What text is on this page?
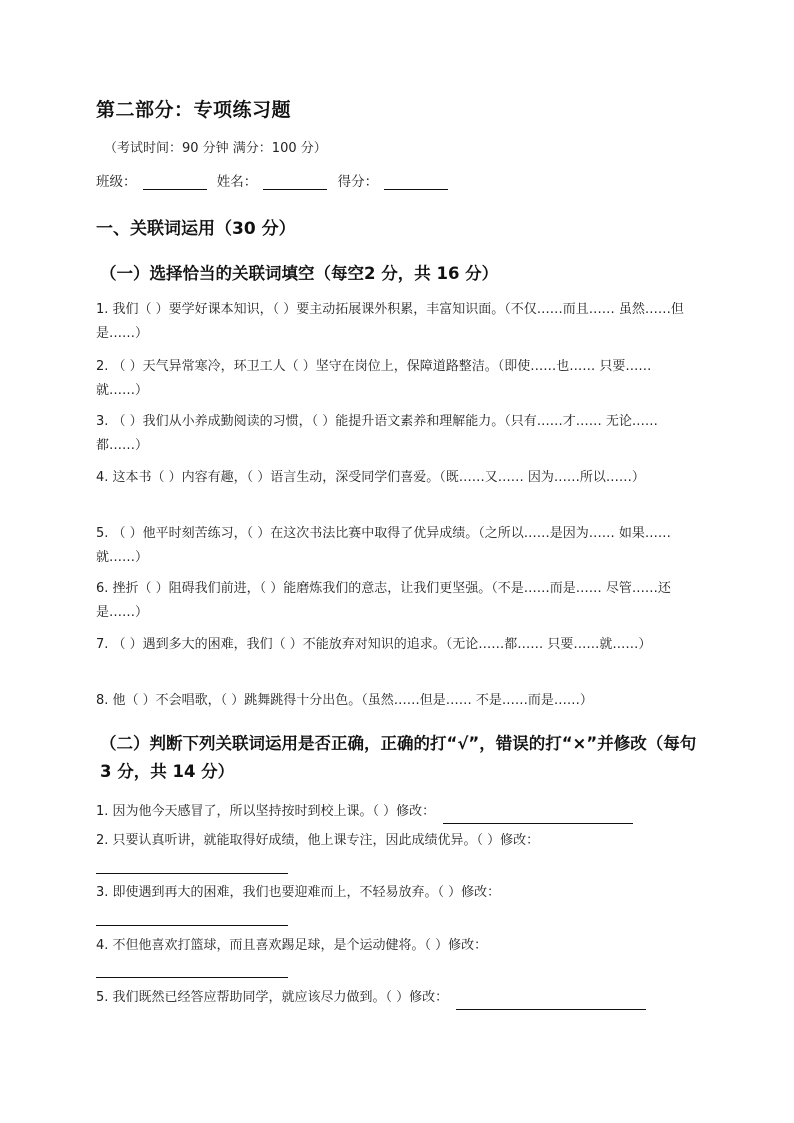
第二部分：专项练习题
（考试时间：90 分钟 满分：100 分）
班级：	姓名：	得分：
一、关联词运用（30 分）
（一）选择恰当的关联词填空（每空2 分，共 16 分）
1. 我们（ ）要学好课本知识，（ ）要主动拓展课外积累，丰富知识面。（不仅……而且…… 虽然……但是……）
2. （ ）天气异常寒冷，环卫工人（ ）坚守在岗位上，保障道路整洁。（即使……也…… 只要……就……）
3. （ ）我们从小养成勤阅读的习惯，（ ）能提升语文素养和理解能力。（只有……才…… 无论……都……）
4. 这本书（ ）内容有趣，（ ）语言生动，深受同学们喜爱。（既……又…… 因为……所以……）
5. （ ）他平时刻苦练习，（ ）在这次书法比赛中取得了优异成绩。（之所以……是因为…… 如果……就……）
6. 挫折（ ）阻碍我们前进，（ ）能磨炼我们的意志，让我们更坚强。（不是……而是…… 尽管……还是……）
7. （ ）遇到多大的困难，我们（ ）不能放弃对知识的追求。（无论……都…… 只要……就……）
8. 他（ ）不会唱歌，（ ）跳舞跳得十分出色。（虽然……但是…… 不是……而是……）
（二）判断下列关联词运用是否正确，正确的打“√”，错误的打“×”并修改（每句 3 分，共 14 分）
1. 因为他今天感冒了，所以坚持按时到校上课。（ ）修改：
2. 只要认真听讲，就能取得好成绩，他上课专注，因此成绩优异。（ ）修改：
3. 即使遇到再大的困难，我们也要迎难而上，不轻易放弃。（ ）修改：
4. 不但他喜欢打篮球，而且喜欢踢足球，是个运动健将。（ ）修改：
5. 我们既然已经答应帮助同学，就应该尽力做到。（ ）修改：
